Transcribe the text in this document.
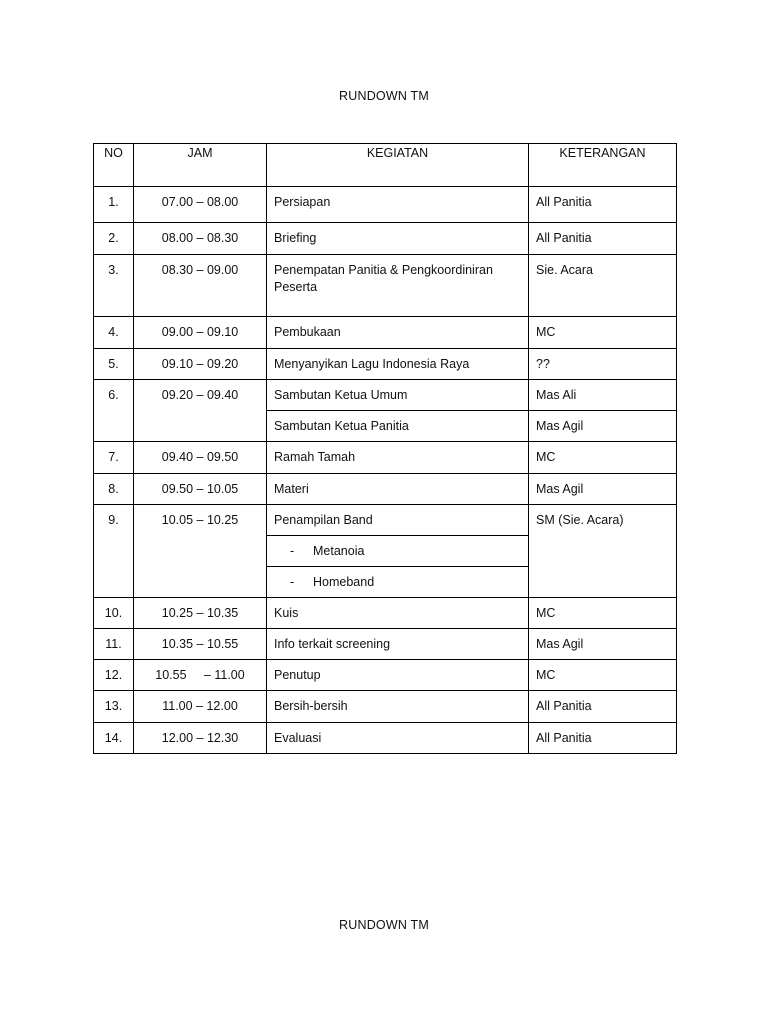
RUNDOWN TM
NO	JAM	KEGIATAN	KETERANGAN
1.	07.00 – 08.00	Persiapan	All Panitia
2.	08.00 – 08.30	Briefing	All Panitia
3.	08.30 – 09.00	Penempatan Panitia & Pengkoordiniran Peserta	Sie. Acara
4.	09.00 – 09.10	Pembukaan	MC
5.	09.10 – 09.20	Menyanyikan Lagu Indonesia Raya	??
6.	09.20 – 09.40	Sambutan Ketua Umum	Mas Ali
		Sambutan Ketua Panitia	Mas Agil
7.	09.40 – 09.50	Ramah Tamah	MC
8.	09.50 – 10.05	Materi	Mas Agil
9.	10.05 – 10.25	Penampilan Band	SM (Sie. Acara)
		- Metanoia	
		- Homeband	
10.	10.25 – 10.35	Kuis	MC
11.	10.35 – 10.55	Info terkait screening	Mas Agil
12.	10.55     – 11.00	Penutup	MC
13.	11.00 – 12.00	Bersih-bersih	All Panitia
14.	12.00 – 12.30	Evaluasi	All Panitia
RUNDOWN TM
